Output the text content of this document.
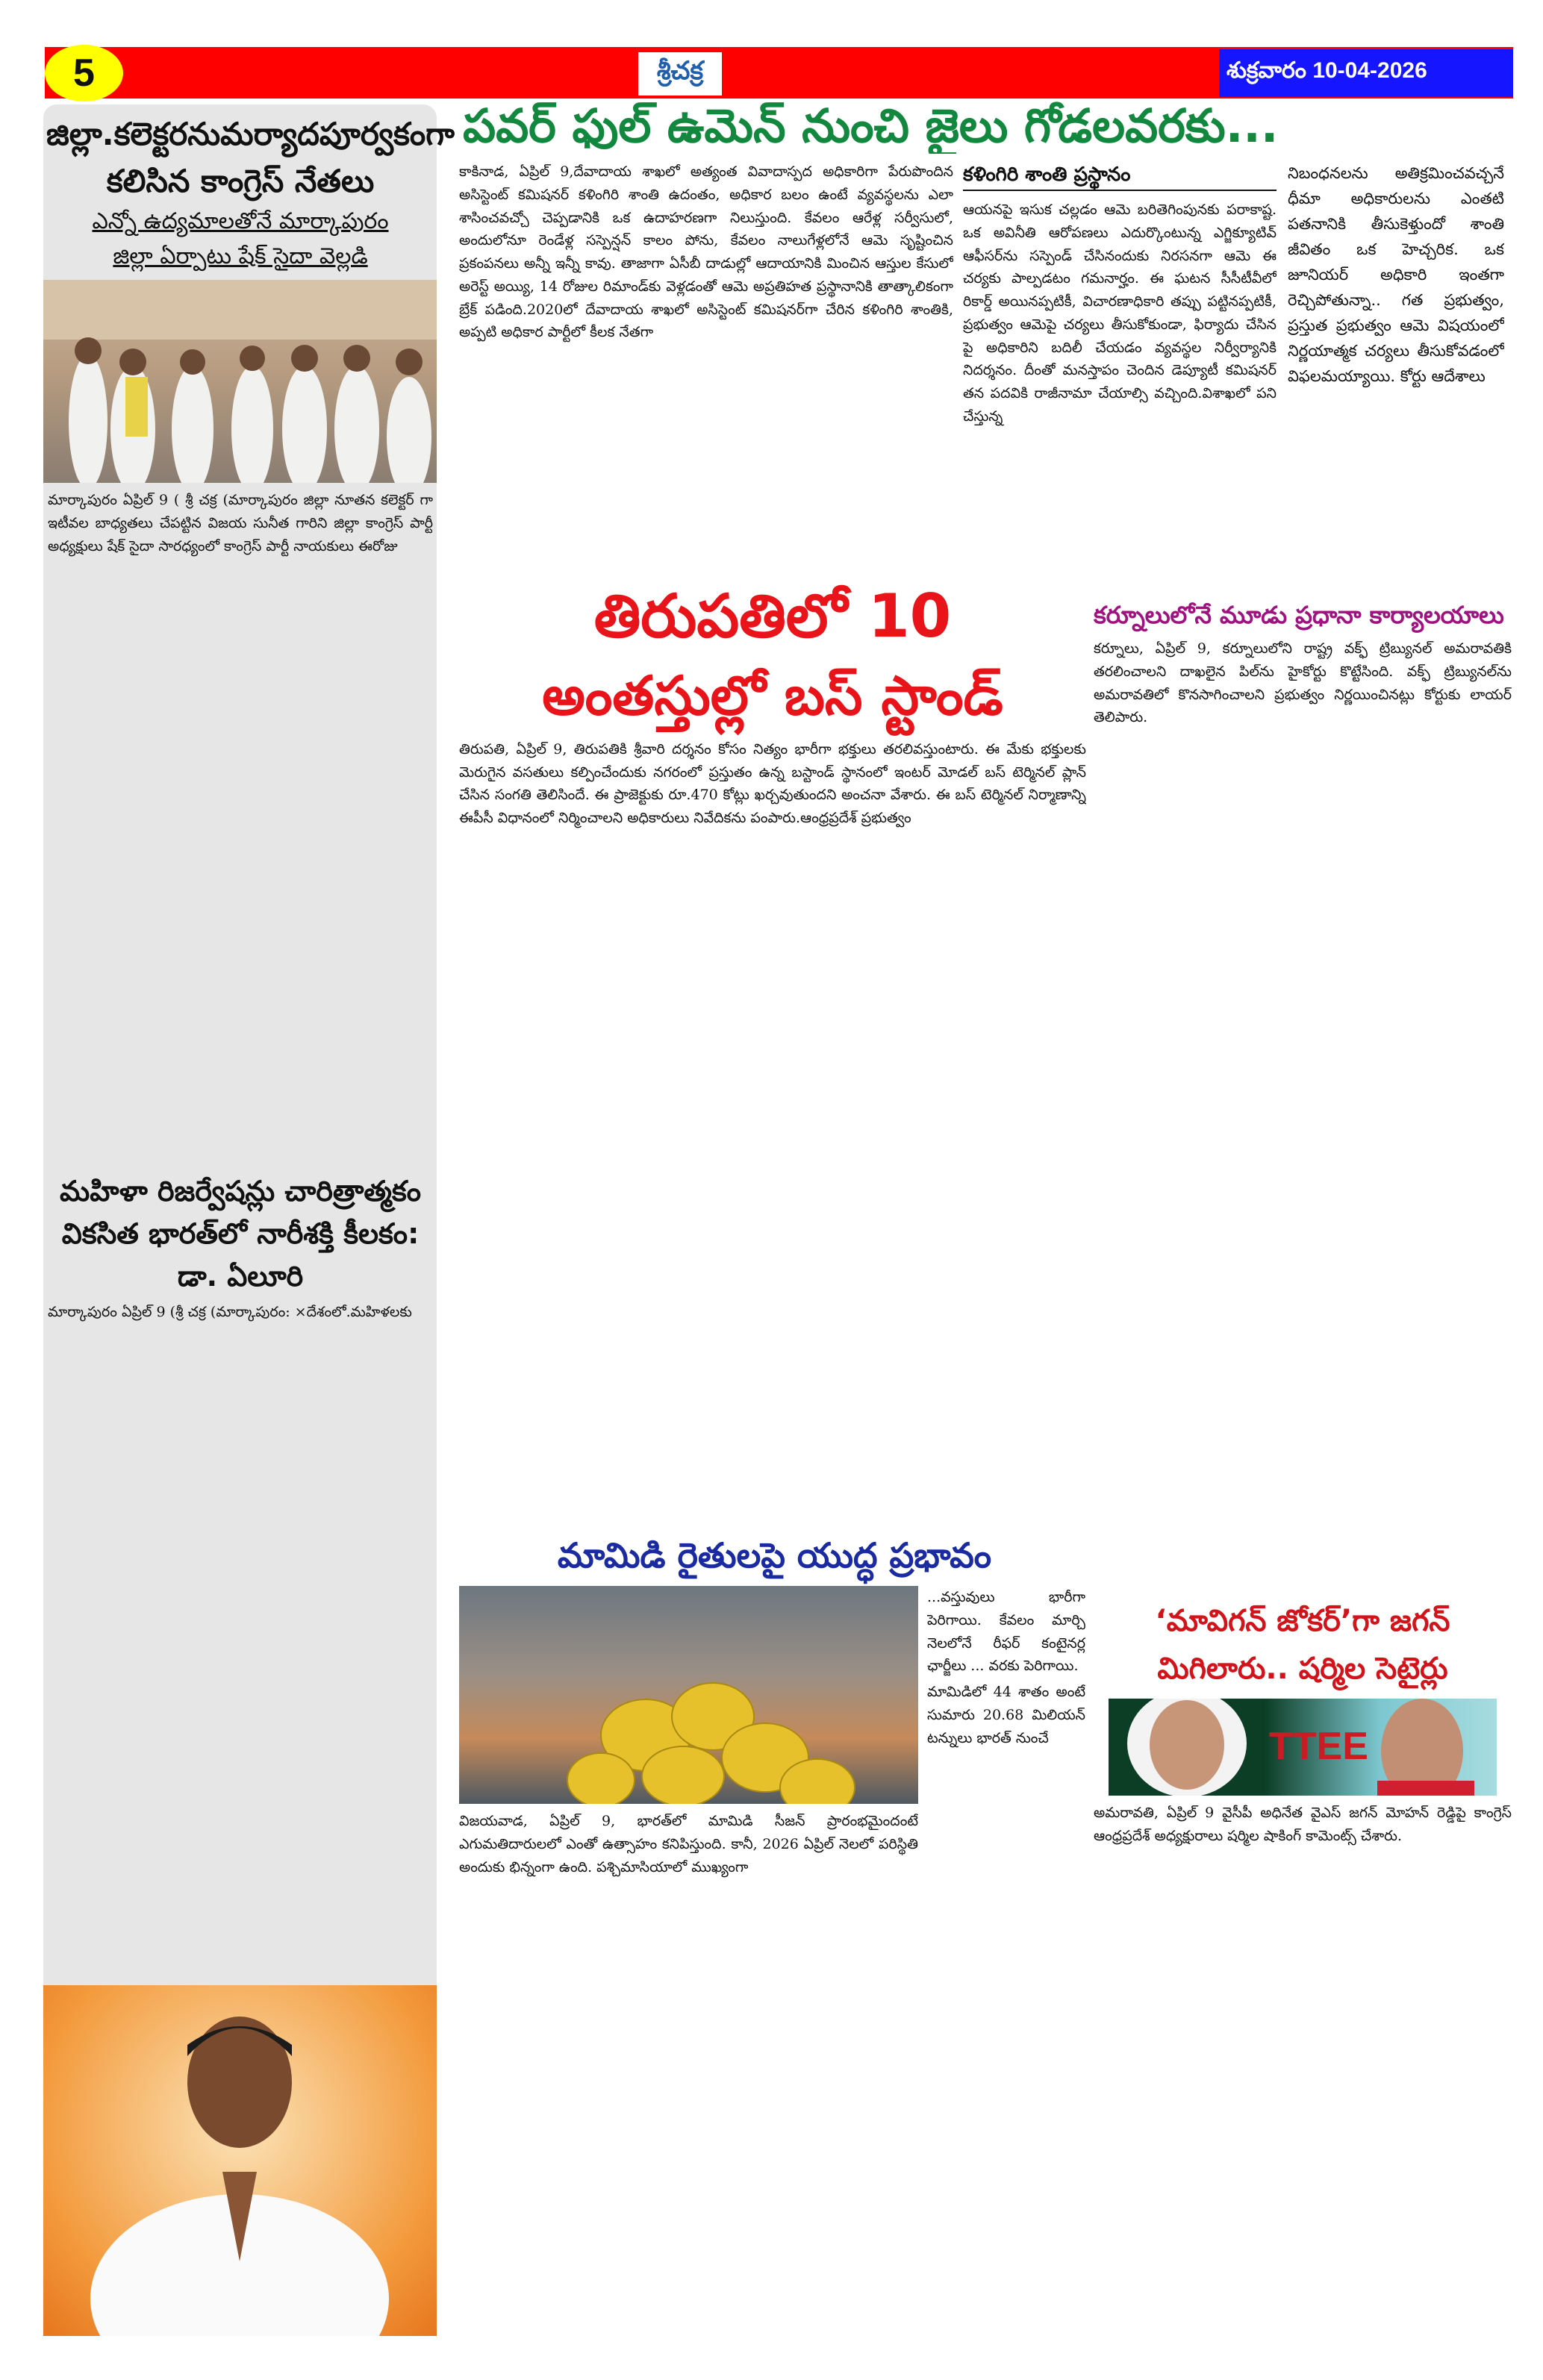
5	శ్రీచక్ర	శుక్రవారం 10-04-2026
పవర్ ఫుల్ ఉమెన్ నుంచి జైలు గోడలవరకు...
జిల్లా.కలెక్టరనుమర్యాదపూర్వకంగా కలిసిన కాంగ్రెస్ నేతలు
ఎన్నో ఉద్యమాలతోనే మార్కాపురం
జిల్లా ఏర్పాటు షేక్ సైదా వెల్లడి

మార్కాపురం ఏప్రిల్ 9 ( శ్రీ చక్ర (మార్కాపురం జిల్లా నూతన కలెక్టర్ గా ఇటీవల బాధ్యతలు చేపట్టిన విజయ సునీత గారిని జిల్లా కాంగ్రెస్ పార్టీ అధ్యక్షులు షేక్ సైదా సారధ్యంలో కాంగ్రెస్ పార్టీ నాయకులు ఈరోజు

మహిళా రిజర్వేషన్లు చారిత్రాత్మకం వికసిత భారత్‌లో నారీశక్తి కీలకం: డా. ఏలూరి

మార్కాపురం ఏప్రిల్ 9 (శ్రీ చక్ర (మార్కాపురం: ×దేశంలో.మహిళలకు

కాకినాడ, ఏప్రిల్ 9,దేవాదాయ శాఖలో అత్యంత వివాదాస్పద అధికారిగా పేరుపొందిన అసిస్టెంట్ కమిషనర్ కళింగిరి శాంతి ఉదంతం, అధికార బలం ఉంటే వ్యవస్థలను ఎలా శాసించవచ్చో చెప్పడానికి ఒక ఉదాహరణగా నిలుస్తుంది. కేవలం ఆరేళ్ల సర్వీసులో, అందులోనూ రెండేళ్ల సస్పెన్షన్ కాలం పోను, కేవలం నాలుగేళ్లలోనే ఆమె సృష్టించిన ప్రకంపనలు అన్నీ ఇన్నీ కావు. తాజాగా ఏసీబీ దాడుల్లో ఆదాయానికి మించిన ఆస్తుల కేసులో అరెస్ట్ అయ్యి, 14 రోజుల రిమాండ్‌కు వెళ్లడంతో ఆమె అప్రతిహత ప్రస్థానానికి తాత్కాలికంగా బ్రేక్ పడింది.2020లో దేవాదాయ శాఖలో అసిస్టెంట్ కమిషనర్‌గా చేరిన కళింగిరి శాంతికి, అప్పటి అధికార పార్టీలో కీలక నేతగా

కళింగిరి శాంతి ప్రస్థానం

ఆయనపై ఇసుక చల్లడం ఆమె బరితెగింపునకు పరాకాష్ట. ఒక అవినీతి ఆరోపణలు ఎదుర్కొంటున్న ఎగ్జిక్యూటివ్ ఆఫీసర్‌ను సస్పెండ్ చేసినందుకు నిరసనగా ఆమె ఈ చర్యకు పాల్పడటం గమనార్హం. ఈ ఘటన సీసీటీవీలో రికార్డ్ అయినప్పటికీ, విచారణాధికారి తప్పు పట్టినప్పటికీ, ప్రభుత్వం ఆమెపై చర్యలు తీసుకోకుండా, ఫిర్యాదు చేసిన పై అధికారిని బదిలీ చేయడం వ్యవస్థల నిర్వీర్యానికి నిదర్శనం. దీంతో మనస్తాపం చెందిన డెప్యూటీ కమిషనర్ తన పదవికి రాజీనామా చేయాల్సి వచ్చింది.విశాఖలో పని చేస్తున్న

నిబంధనలను అతిక్రమించవచ్చనే ధీమా అధికారులను ఎంతటి పతనానికి తీసుకెళ్తుందో శాంతి జీవితం ఒక హెచ్చరిక. ఒక జూనియర్ అధికారి ఇంతగా రెచ్చిపోతున్నా.. గత ప్రభుత్వం, ప్రస్తుత ప్రభుత్వం ఆమె విషయంలో నిర్ణయాత్మక చర్యలు తీసుకోవడంలో విఫలమయ్యాయి. కోర్టు ఆదేశాలు

తిరుపతిలో 10
అంతస్తుల్లో బస్ స్టాండ్

తిరుపతి, ఏప్రిల్ 9, తిరుపతికి శ్రీవారి దర్శనం కోసం నిత్యం భారీగా భక్తులు తరలివస్తుంటారు. ఈ మేకు భక్తులకు మెరుగైన వసతులు కల్పించేందుకు నగరంలో ప్రస్తుతం ఉన్న బస్టాండ్ స్థానంలో ఇంటర్ మోడల్ బస్ టెర్మినల్ ప్లాన్ చేసిన సంగతి తెలిసిందే. ఈ ప్రాజెక్టుకు రూ.470 కోట్లు ఖర్చవుతుందని అంచనా వేశారు. ఈ బస్ టెర్మినల్ నిర్మాణాన్ని ఈపీసీ విధానంలో నిర్మించాలని అధికారులు నివేదికను పంపారు.ఆంధ్రప్రదేశ్ ప్రభుత్వం

కర్నూలులోనే మూడు ప్రధానా కార్యాలయాలు

కర్నూలు, ఏప్రిల్ 9, కర్నూలులోని రాష్ట్ర వక్ఫ్ ట్రిబ్యునల్ అమరావతికి తరలించాలని దాఖలైన పిల్‌ను హైకోర్టు కొట్టేసింది. వక్ఫ్ ట్రిబ్యునల్‌ను అమరావతిలో కొనసాగించాలని ప్రభుత్వం నిర్ణయించినట్లు కోర్టుకు లాయర్ తెలిపారు.

మామిడి రైతులపై యుద్ధ ప్రభావం

విజయవాడ, ఏప్రిల్ 9, భారత్‌లో మామిడి సీజన్ ప్రారంభమైందంటే ఎగుమతిదారులలో ఎంతో ఉత్సాహం కనిపిస్తుంది. కానీ, 2026 ఏప్రిల్ నెలలో పరిస్థితి అందుకు భిన్నంగా ఉంది. పశ్చిమాసియాలో ముఖ్యంగా

...వస్తువులు భారీగా పెరిగాయి. కేవలం మార్చి నెలలోనే రీఫర్ కంటైనర్ల ఛార్జీలు ... వరకు పెరిగాయి.

మామిడిలో 44 శాతం అంటే సుమారు 20.68 మిలియన్ టన్నులు భారత్ నుంచే

‘మావిగన్ జోకర్’గా జగన్
మిగిలారు.. షర్మిల సెటైర్లు
TTEE

అమరావతి, ఏప్రిల్ 9 వైసీపీ అధినేత వైఎస్ జగన్ మోహన్ రెడ్డిపై కాంగ్రెస్ ఆంధ్రప్రదేశ్ అధ్యక్షురాలు షర్మిల షాకింగ్ కామెంట్స్ చేశారు.
